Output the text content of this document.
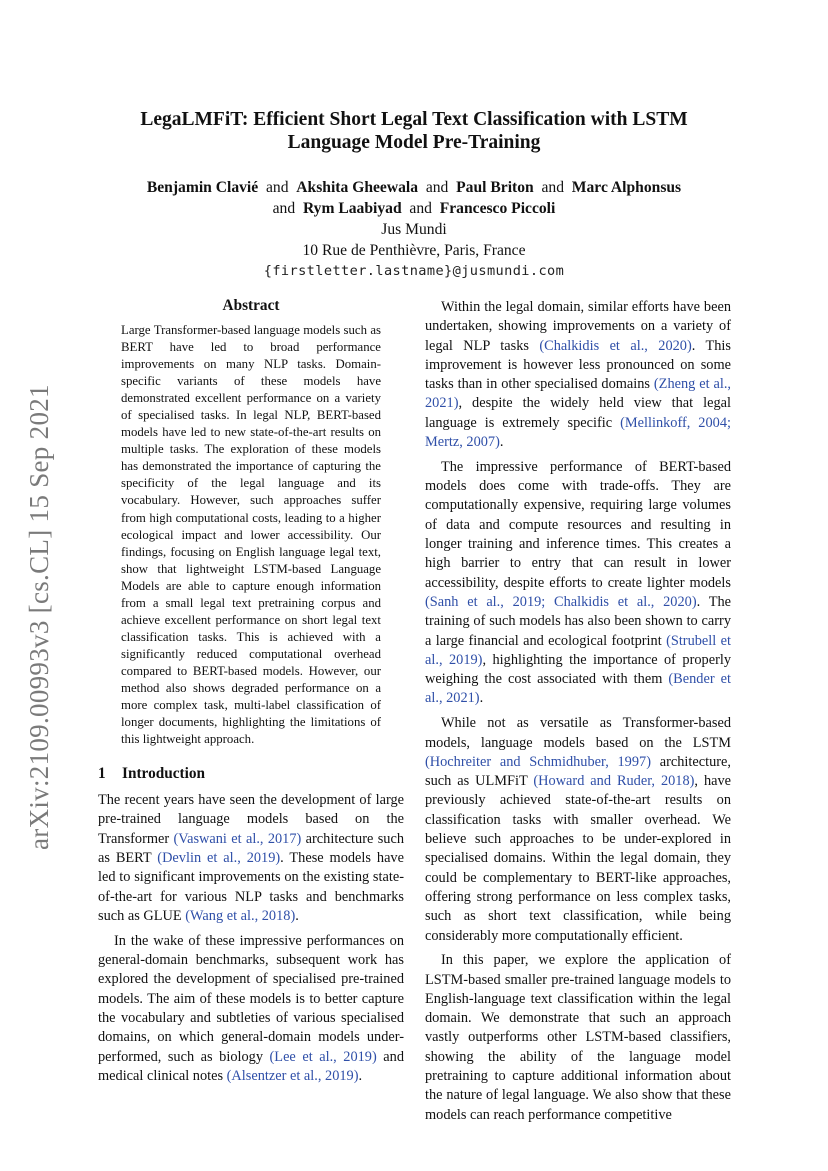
arXiv:2109.00993v3 [cs.CL] 15 Sep 2021
LegaLMFiT: Efficient Short Legal Text Classification with LSTM
Language Model Pre-Training
Benjamin Clavié and Akshita Gheewala and Paul Briton and Marc Alphonsus
and Rym Laabiyad and Francesco Piccoli
Jus Mundi
10 Rue de Penthièvre, Paris, France
{firstletter.lastname}@jusmundi.com
Abstract
Large Transformer-based language models such as BERT have led to broad performance improvements on many NLP tasks. Domain-specific variants of these models have demonstrated excellent performance on a variety of specialised tasks. In legal NLP, BERT-based models have led to new state-of-the-art results on multiple tasks. The exploration of these models has demonstrated the importance of capturing the specificity of the legal language and its vocabulary. However, such approaches suffer from high computational costs, leading to a higher ecological impact and lower accessibility. Our findings, focusing on English language legal text, show that lightweight LSTM-based Language Models are able to capture enough information from a small legal text pretraining corpus and achieve excellent performance on short legal text classification tasks. This is achieved with a significantly reduced computational overhead compared to BERT-based models. However, our method also shows degraded performance on a more complex task, multi-label classification of longer documents, highlighting the limitations of this lightweight approach.
1 Introduction

The recent years have seen the development of large pre-trained language models based on the Transformer (Vaswani et al., 2017) architecture such as BERT (Devlin et al., 2019). These models have led to significant improvements on the existing state-of-the-art for various NLP tasks and benchmarks such as GLUE (Wang et al., 2018).

In the wake of these impressive performances on general-domain benchmarks, subsequent work has explored the development of specialised pre-trained models. The aim of these models is to better capture the vocabulary and subtleties of various specialised domains, on which general-domain models under-performed, such as biology (Lee et al., 2019) and medical clinical notes (Alsentzer et al., 2019).

Within the legal domain, similar efforts have been undertaken, showing improvements on a variety of legal NLP tasks (Chalkidis et al., 2020). This improvement is however less pronounced on some tasks than in other specialised domains (Zheng et al., 2021), despite the widely held view that legal language is extremely specific (Mellinkoff, 2004; Mertz, 2007).

The impressive performance of BERT-based models does come with trade-offs. They are computationally expensive, requiring large volumes of data and compute resources and resulting in longer training and inference times. This creates a high barrier to entry that can result in lower accessibility, despite efforts to create lighter models (Sanh et al., 2019; Chalkidis et al., 2020). The training of such models has also been shown to carry a large financial and ecological footprint (Strubell et al., 2019), highlighting the importance of properly weighing the cost associated with them (Bender et al., 2021).

While not as versatile as Transformer-based models, language models based on the LSTM (Hochreiter and Schmidhuber, 1997) architecture, such as ULMFiT (Howard and Ruder, 2018), have previously achieved state-of-the-art results on classification tasks with smaller overhead. We believe such approaches to be under-explored in specialised domains. Within the legal domain, they could be complementary to BERT-like approaches, offering strong performance on less complex tasks, such as short text classification, while being considerably more computationally efficient.

In this paper, we explore the application of LSTM-based smaller pre-trained language models to English-language text classification within the legal domain. We demonstrate that such an approach vastly outperforms other LSTM-based classifiers, showing the ability of the language model pretraining to capture additional information about the nature of legal language. We also show that these models can reach performance competitive
